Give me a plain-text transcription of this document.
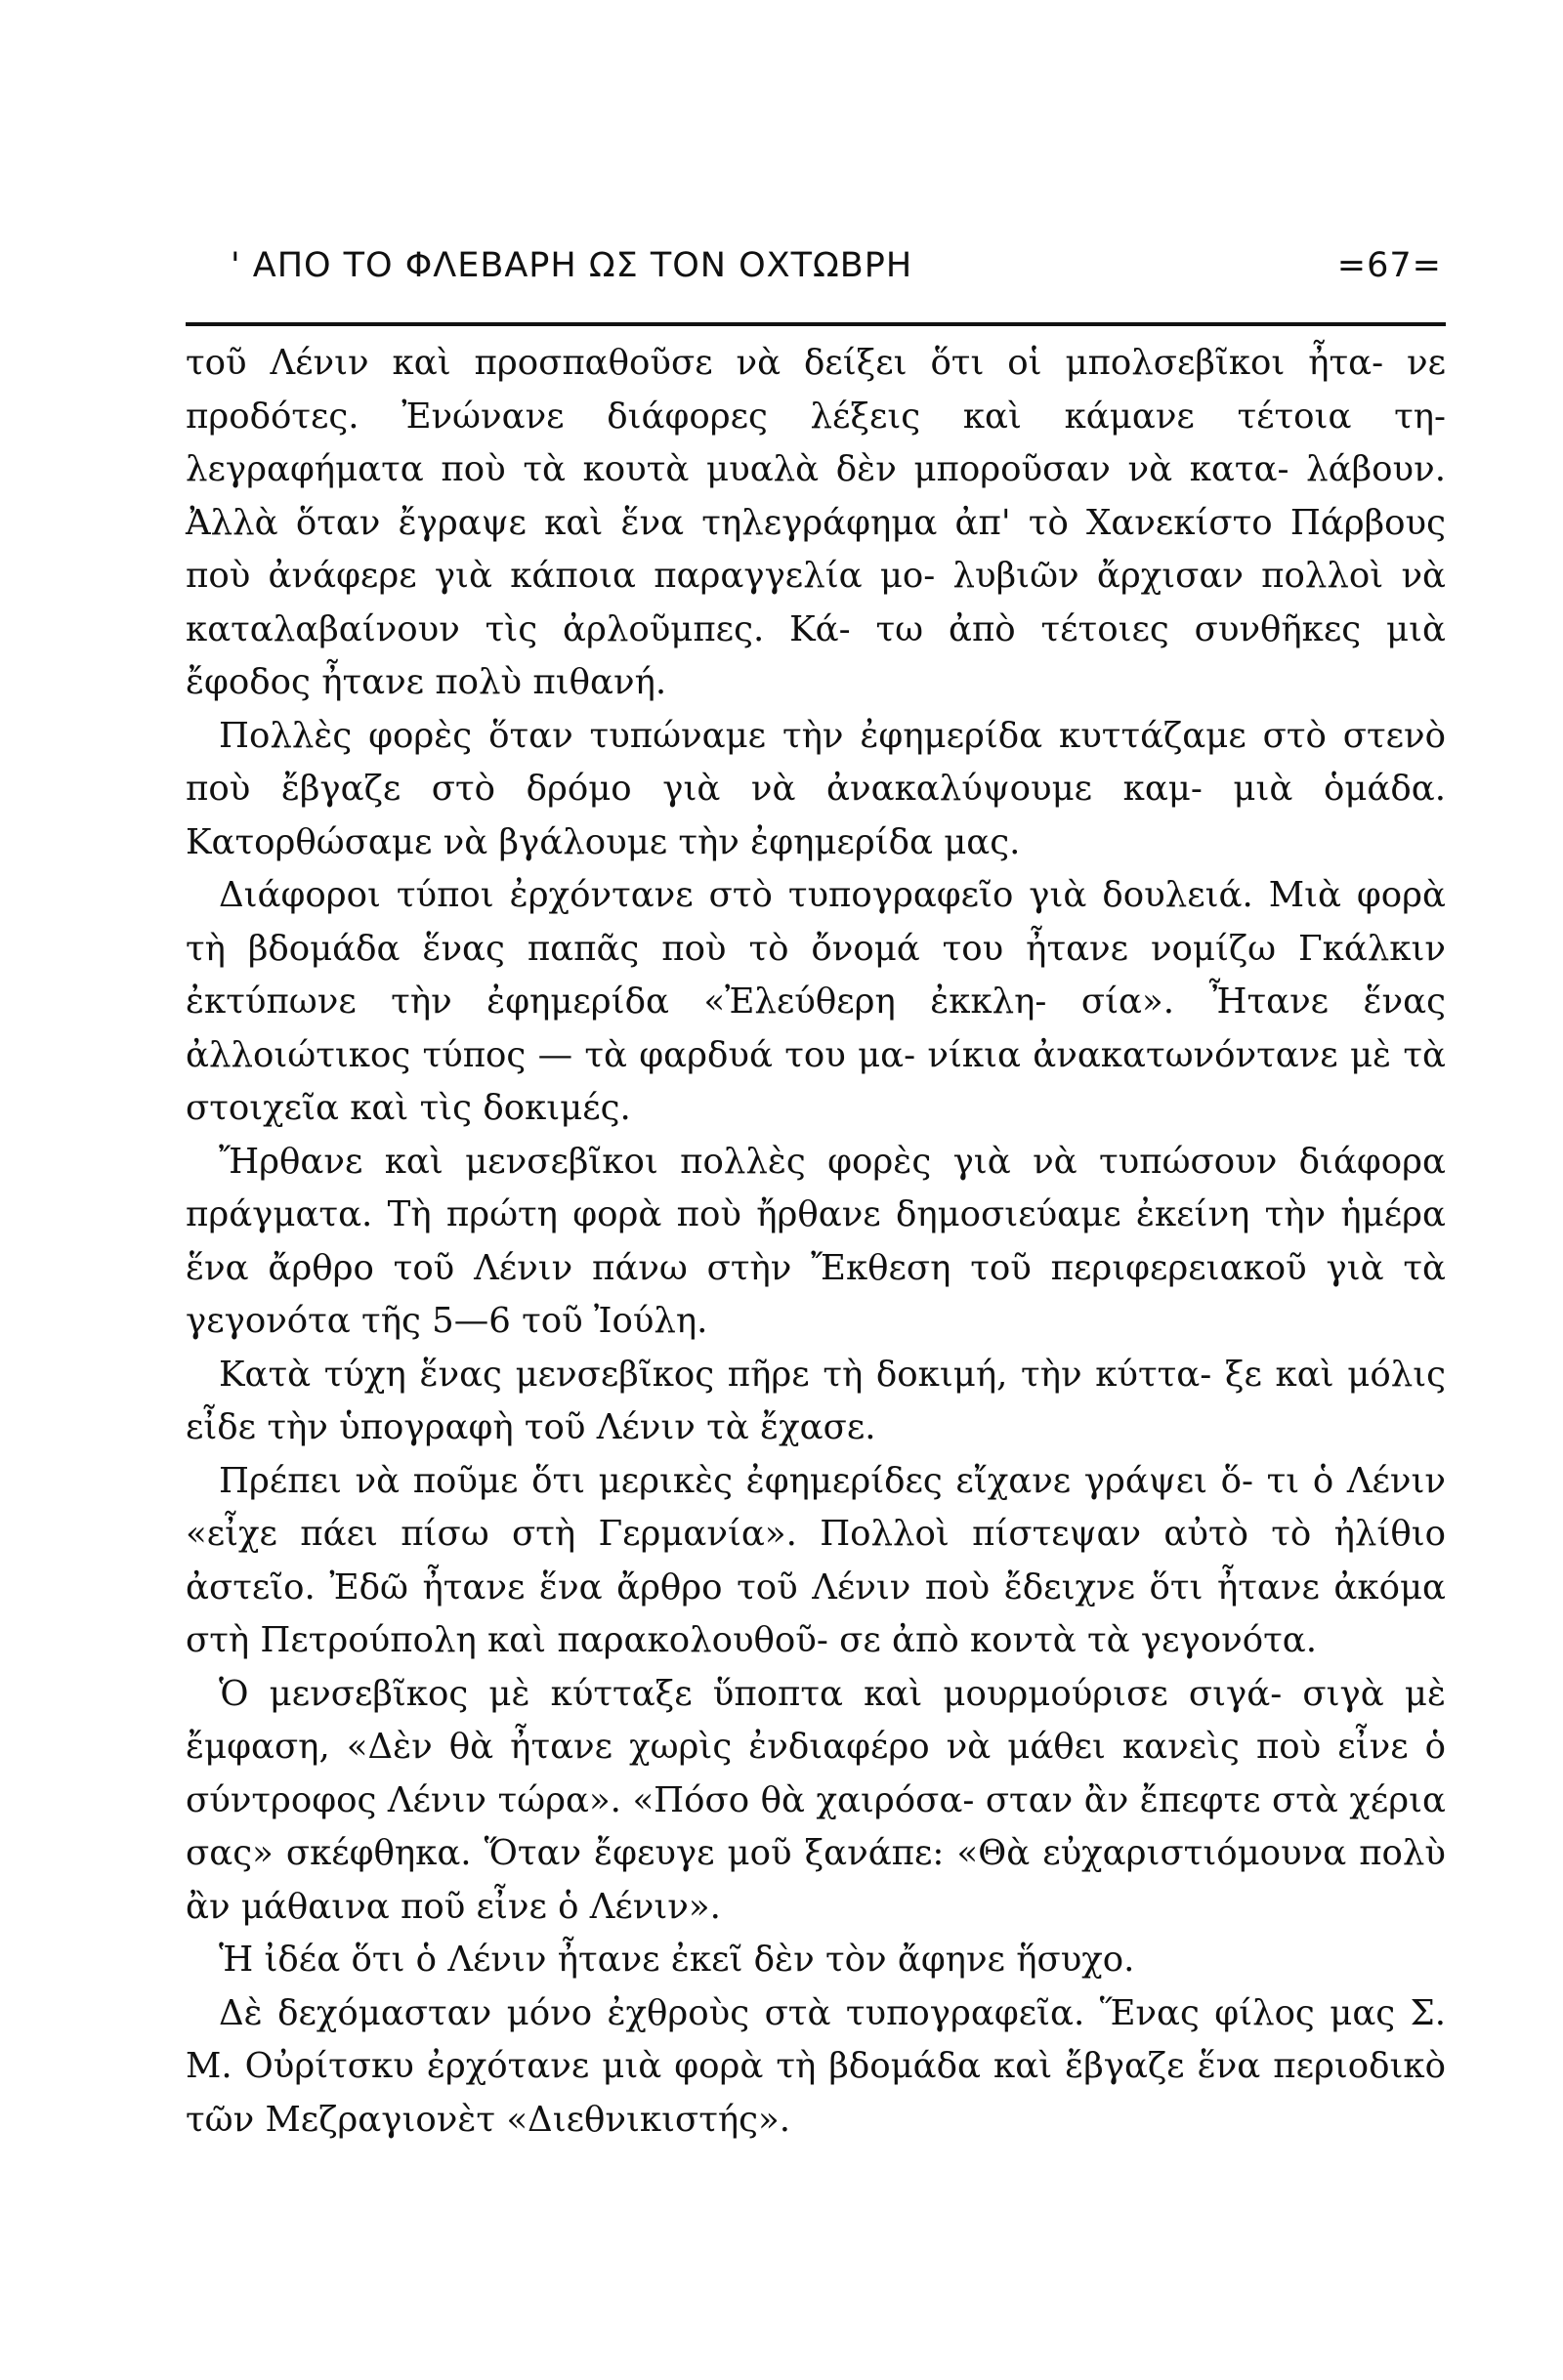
' ΑΠΟ ΤΟ ΦΛΕΒΑΡΗ ΩΣ ΤΟΝ ΟΧΤΩΒΡΗ	=67=

τοῦ Λένιν καὶ προσπαθοῦσε νὰ δείξει ὅτι οἱ μπολσεβῖκοι ἦτα- νε προδότες. Ἐνώνανε διάφορες λέξεις καὶ κάμανε τέτοια τη- λεγραφήματα ποὺ τὰ κουτὰ μυαλὰ δὲν μποροῦσαν νὰ κατα- λάβουν. Ἀλλὰ ὅταν ἔγραψε καὶ ἕνα τηλεγράφημα ἀπ' τὸ Χανεκίστο Πάρβους ποὺ ἀνάφερε γιὰ κάποια παραγγελία μο- λυβιῶν ἄρχισαν πολλοὶ νὰ καταλαβαίνουν τὶς ἀρλοῦμπες. Κά- τω ἀπὸ τέτοιες συνθῆκες μιὰ ἔφοδος ἦτανε πολὺ πιθανή.

Πολλὲς φορὲς ὅταν τυπώναμε τὴν ἐφημερίδα κυττάζαμε στὸ στενὸ ποὺ ἔβγαζε στὸ δρόμο γιὰ νὰ ἀνακαλύψουμε καμ- μιὰ ὁμάδα. Κατορθώσαμε νὰ βγάλουμε τὴν ἐφημερίδα μας.

Διάφοροι τύποι ἐρχόντανε στὸ τυπογραφεῖο γιὰ δουλειά. Μιὰ φορὰ τὴ βδομάδα ἕνας παπᾶς ποὺ τὸ ὄνομά του ἦτανε νομίζω Γκάλκιν ἐκτύπωνε τὴν ἐφημερίδα «Ἐλεύθερη ἐκκλη- σία». Ἦτανε ἕνας ἀλλοιώτικος τύπος — τὰ φαρδυά του μα- νίκια ἀνακατωνόντανε μὲ τὰ στοιχεῖα καὶ τὶς δοκιμές.

Ἤρθανε καὶ μενσεβῖκοι πολλὲς φορὲς γιὰ νὰ τυπώσουν διάφορα πράγματα. Τὴ πρώτη φορὰ ποὺ ἤρθανε δημοσιεύαμε ἐκείνη τὴν ἡμέρα ἕνα ἄρθρο τοῦ Λένιν πάνω στὴν Ἔκθεση τοῦ περιφερειακοῦ γιὰ τὰ γεγονότα τῆς 5—6 τοῦ Ἰούλη.

Κατὰ τύχη ἕνας μενσεβῖκος πῆρε τὴ δοκιμή, τὴν κύττα- ξε καὶ μόλις εἶδε τὴν ὑπογραφὴ τοῦ Λένιν τὰ ἔχασε.

Πρέπει νὰ ποῦμε ὅτι μερικὲς ἐφημερίδες εἴχανε γράψει ὅ- τι ὁ Λένιν «εἶχε πάει πίσω στὴ Γερμανία». Πολλοὶ πίστεψαν αὐτὸ τὸ ἠλίθιο ἀστεῖο. Ἐδῶ ἦτανε ἕνα ἄρθρο τοῦ Λένιν ποὺ ἔδειχνε ὅτι ἦτανε ἀκόμα στὴ Πετρούπολη καὶ παρακολουθοῦ- σε ἀπὸ κοντὰ τὰ γεγονότα.

Ὁ μενσεβῖκος μὲ κύτταξε ὕποπτα καὶ μουρμούρισε σιγά- σιγὰ μὲ ἔμφαση, «Δὲν θὰ ἦτανε χωρὶς ἐνδιαφέρο νὰ μάθει κανεὶς ποὺ εἶνε ὁ σύντροφος Λένιν τώρα». «Πόσο θὰ χαιρόσα- σταν ἂν ἔπεφτε στὰ χέρια σας» σκέφθηκα. Ὅταν ἔφευγε μοῦ ξανάπε: «Θὰ εὐχαριστιόμουνα πολὺ ἂν μάθαινα ποῦ εἶνε ὁ Λένιν».

Ἡ ἰδέα ὅτι ὁ Λένιν ἦτανε ἐκεῖ δὲν τὸν ἄφηνε ἥσυχο.

Δὲ δεχόμασταν μόνο ἐχθροὺς στὰ τυπογραφεῖα. Ἕνας φίλος μας Σ. Μ. Οὐρίτσκυ ἐρχότανε μιὰ φορὰ τὴ βδομάδα καὶ ἔβγαζε ἕνα περιοδικὸ τῶν Μεζραγιονὲτ «Διεθνικιστής».
